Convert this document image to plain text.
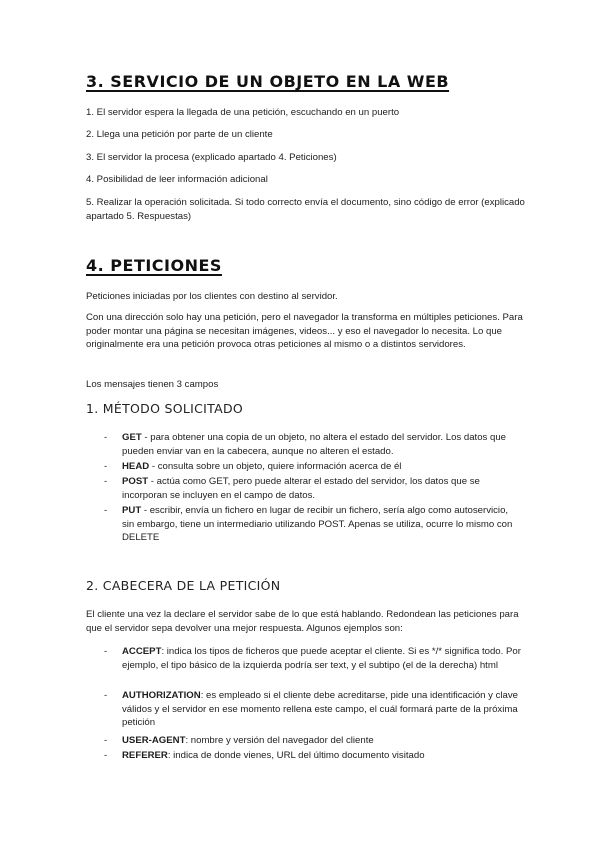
3. SERVICIO DE UN OBJETO EN LA WEB

1. El servidor espera la llegada de una petición, escuchando en un puerto

2. Llega una petición por parte de un cliente

3. El servidor la procesa (explicado apartado 4. Peticiones)

4. Posibilidad de leer información adicional

5. Realizar la operación solicitada. Si todo correcto envía el documento, sino código de error (explicado apartado 5. Respuestas)

4. PETICIONES

Peticiones iniciadas por los clientes con destino al servidor.

Con una dirección solo hay una petición, pero el navegador la transforma en múltiples peticiones. Para poder montar una página se necesitan imágenes, videos... y eso el navegador lo necesita. Lo que originalmente era una petición provoca otras peticiones al mismo o a distintos servidores.

Los mensajes tienen 3 campos

1. MÉTODO SOLICITADO
- GET - para obtener una copia de un objeto, no altera el estado del servidor. Los datos que pueden enviar van en la cabecera, aunque no alteren el estado.

- HEAD - consulta sobre un objeto, quiere información acerca de él

- POST - actúa como GET, pero puede alterar el estado del servidor, los datos que se incorporan se incluyen en el campo de datos.

- PUT - escribir, envía un fichero en lugar de recibir un fichero, sería algo como autoservicio, sin embargo, tiene un intermediario utilizando POST. Apenas se utiliza, ocurre lo mismo con DELETE

2. CABECERA DE LA PETICIÓN

El cliente una vez la declare el servidor sabe de lo que está hablando. Redondean las peticiones para que el servidor sepa devolver una mejor respuesta. Algunos ejemplos son:

- ACCEPT: indica los tipos de ficheros que puede aceptar el cliente. Si es */* significa todo. Por ejemplo, el tipo básico de la izquierda podría ser text, y el subtipo (el de la derecha) html

- AUTHORIZATION: es empleado si el cliente debe acreditarse, pide una identificación y clave válidos y el servidor en ese momento rellena este campo, el cuál formará parte de la próxima petición

- USER-AGENT: nombre y versión del navegador del cliente

- REFERER: indica de donde vienes, URL del último documento visitado
